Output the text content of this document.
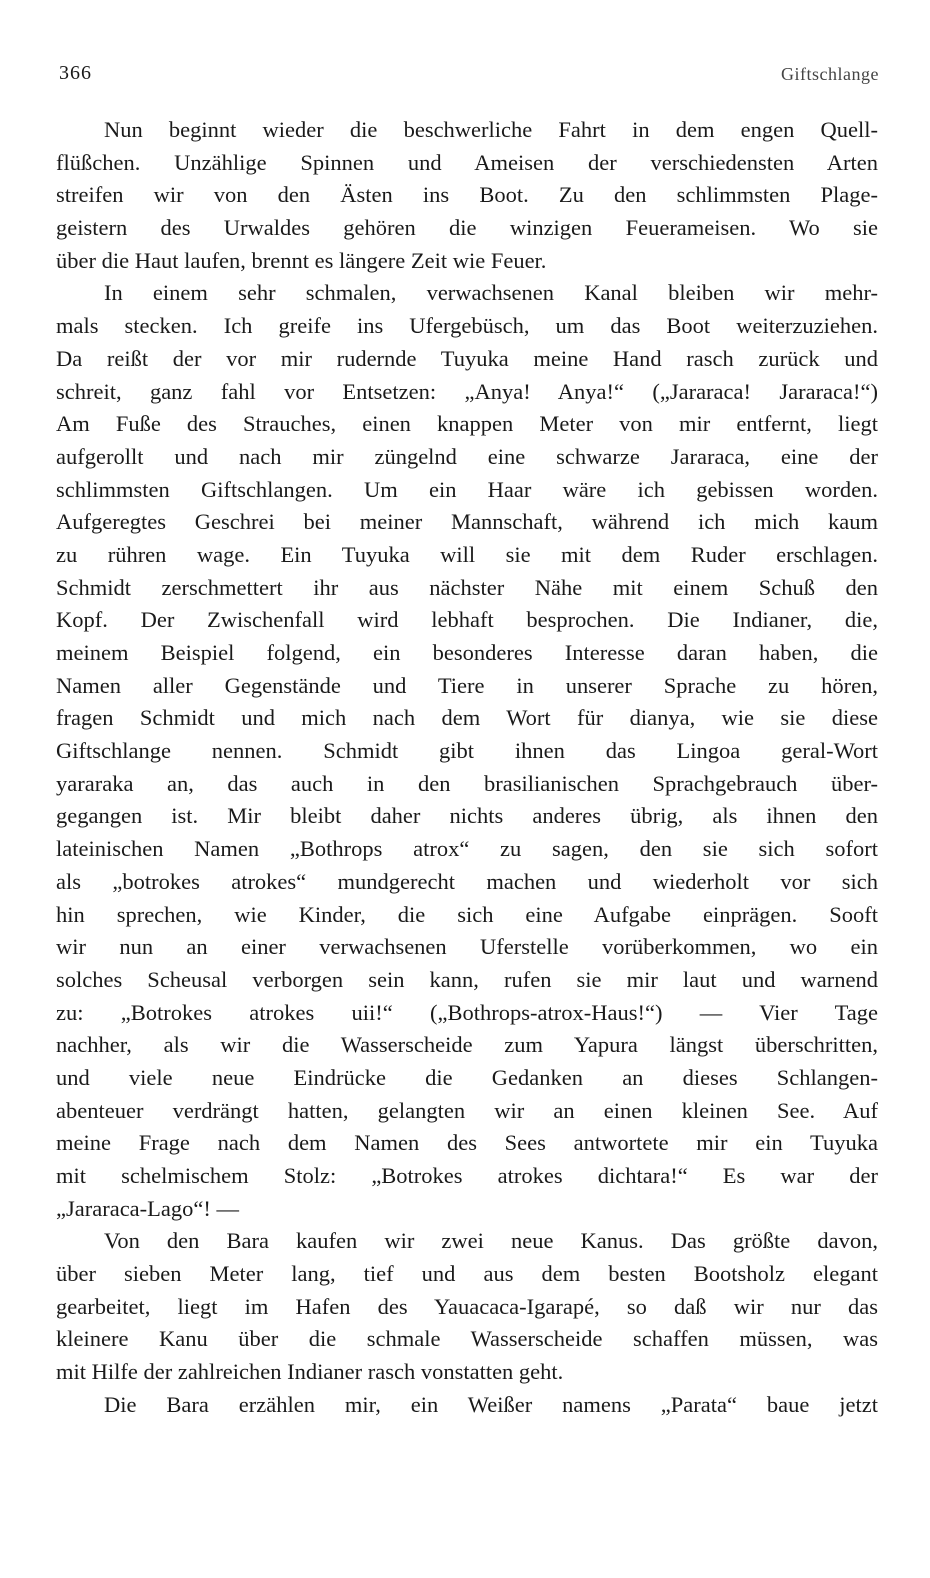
366	Giftschlange
Nun beginnt wieder die beschwerliche Fahrt in dem engen Quell-
flüßchen. Unzählige Spinnen und Ameisen der verschiedensten Arten
streifen wir von den Ästen ins Boot. Zu den schlimmsten Plage-
geistern des Urwaldes gehören die winzigen Feuerameisen. Wo sie
über die Haut laufen, brennt es längere Zeit wie Feuer.
In einem sehr schmalen, verwachsenen Kanal bleiben wir mehr-
mals stecken. Ich greife ins Ufergebüsch, um das Boot weiterzuziehen.
Da reißt der vor mir rudernde Tuyuka meine Hand rasch zurück und
schreit, ganz fahl vor Entsetzen: „Anya! Anya!“ („Jararaca! Jararaca!“)
Am Fuße des Strauches, einen knappen Meter von mir entfernt, liegt
aufgerollt und nach mir züngelnd eine schwarze Jararaca, eine der
schlimmsten Giftschlangen. Um ein Haar wäre ich gebissen worden.
Aufgeregtes Geschrei bei meiner Mannschaft, während ich mich kaum
zu rühren wage. Ein Tuyuka will sie mit dem Ruder erschlagen.
Schmidt zerschmettert ihr aus nächster Nähe mit einem Schuß den
Kopf. Der Zwischenfall wird lebhaft besprochen. Die Indianer, die,
meinem Beispiel folgend, ein besonderes Interesse daran haben, die
Namen aller Gegenstände und Tiere in unserer Sprache zu hören,
fragen Schmidt und mich nach dem Wort für dianya, wie sie diese
Giftschlange nennen. Schmidt gibt ihnen das Lingoa geral-Wort
yararaka an, das auch in den brasilianischen Sprachgebrauch über-
gegangen ist. Mir bleibt daher nichts anderes übrig, als ihnen den
lateinischen Namen „Bothrops atrox“ zu sagen, den sie sich sofort
als „botrokes atrokes“ mundgerecht machen und wiederholt vor sich
hin sprechen, wie Kinder, die sich eine Aufgabe einprägen. Sooft
wir nun an einer verwachsenen Uferstelle vorüberkommen, wo ein
solches Scheusal verborgen sein kann, rufen sie mir laut und warnend
zu: „Botrokes atrokes uii!“ („Bothrops-atrox-Haus!“) — Vier Tage
nachher, als wir die Wasserscheide zum Yapura längst überschritten,
und viele neue Eindrücke die Gedanken an dieses Schlangen-
abenteuer verdrängt hatten, gelangten wir an einen kleinen See. Auf
meine Frage nach dem Namen des Sees antwortete mir ein Tuyuka
mit schelmischem Stolz: „Botrokes atrokes dichtara!“ Es war der
„Jararaca-Lago“! —
Von den Bara kaufen wir zwei neue Kanus. Das größte davon,
über sieben Meter lang, tief und aus dem besten Bootsholz elegant
gearbeitet, liegt im Hafen des Yauacaca-Igarapé, so daß wir nur das
kleinere Kanu über die schmale Wasserscheide schaffen müssen, was
mit Hilfe der zahlreichen Indianer rasch vonstatten geht.
Die Bara erzählen mir, ein Weißer namens „Parata“ baue jetzt
